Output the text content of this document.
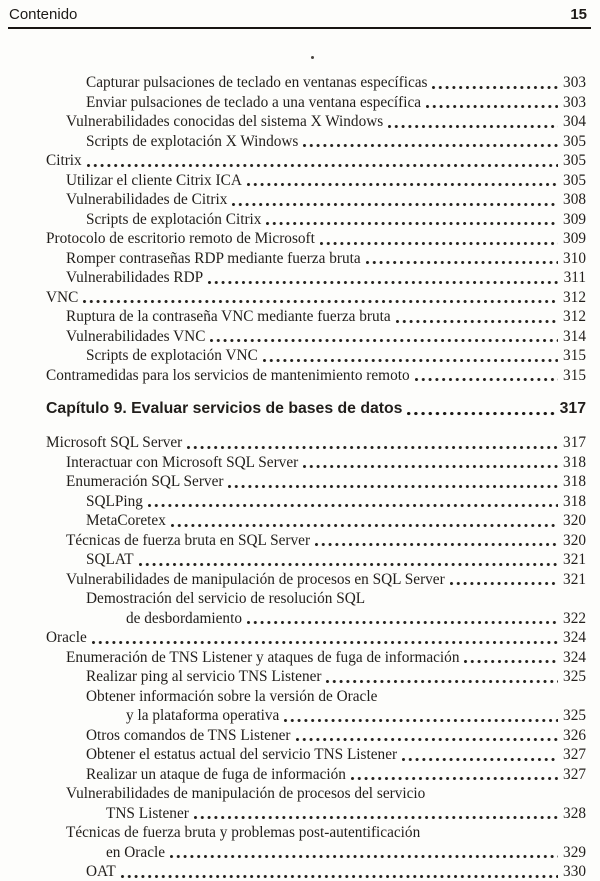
Contenido	15
Capturar pulsaciones de teclado en ventanas específicas	303
Enviar pulsaciones de teclado a una ventana específica	303
Vulnerabilidades conocidas del sistema X Windows	304
Scripts de explotación X Windows	305
Citrix	305
Utilizar el cliente Citrix ICA	305
Vulnerabilidades de Citrix	308
Scripts de explotación Citrix	309
Protocolo de escritorio remoto de Microsoft	309
Romper contraseñas RDP mediante fuerza bruta	310
Vulnerabilidades RDP	311
VNC	312
Ruptura de la contraseña VNC mediante fuerza bruta	312
Vulnerabilidades VNC	314
Scripts de explotación VNC	315
Contramedidas para los servicios de mantenimiento remoto	315
Capítulo 9. Evaluar servicios de bases de datos	317
Microsoft SQL Server	317
Interactuar con Microsoft SQL Server	318
Enumeración SQL Server	318
SQLPing	318
MetaCoretex	320
Técnicas de fuerza bruta en SQL Server	320
SQLAT	321
Vulnerabilidades de manipulación de procesos en SQL Server	321
Demostración del servicio de resolución SQL
de desbordamiento	322
Oracle	324
Enumeración de TNS Listener y ataques de fuga de información	324
Realizar ping al servicio TNS Listener	325
Obtener información sobre la versión de Oracle
y la plataforma operativa	325
Otros comandos de TNS Listener	326
Obtener el estatus actual del servicio TNS Listener	327
Realizar un ataque de fuga de información	327
Vulnerabilidades de manipulación de procesos del servicio
TNS Listener	328
Técnicas de fuerza bruta y problemas post-autentificación
en Oracle	329
OAT	330
